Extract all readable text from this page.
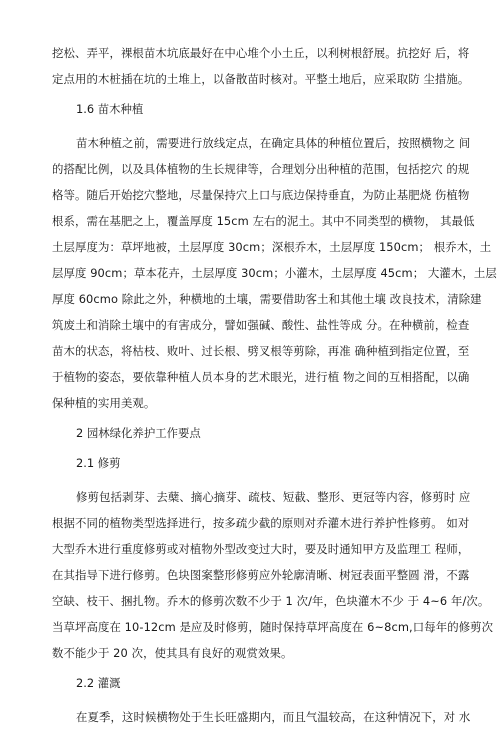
挖松、弄平，裸根苗木坑底最好在中心堆个小土丘，以利树根舒展。抗挖好 后，将
定点用的木桩插在坑的土堆上，以备散苗时核对。平整土地后，应采取防 尘措施。
1.6 苗木种植
苗木种植之前，需要进行放线定点，在确定具体的种植位置后，按照横物之 间
的搭配比例，以及具体植物的生长规律等，合理划分出种植的范围，包括挖穴 的规
格等。随后开始挖穴整地，尽量保持穴上口与底边保持垂直，为防止基肥烧 伤植物
根系，需在基肥之上，覆盖厚度 15cm 左右的泥土。其中不同类型的横物， 其最低
土层厚度为：草坪地被，土层厚度 30cm；深根乔木，土层厚度 150cm； 根乔木，土
层厚度 90cm；草本花卉，土层厚度 30cm；小灌木，土层厚度 45cm； 大灌木，土层
厚度 60cmo 除此之外，种横地的土壤，需要借助客土和其他土壤 改良技术，清除建
筑废土和消除土壤中的有害成分，譬如强碱、酸性、盐性等成 分。在种横前，检查
苗木的状态，将枯枝、败叶、过长根、劈叉根等剪除，再准 确种植到指定位置，至
于植物的姿态，要依靠种植人员本身的艺术眼光，进行植 物之间的互相搭配，以确
保种植的实用美观。
2 园林绿化养护工作要点
2.1 修剪
修剪包括剥芽、去蘖、摘心摘芽、疏枝、短截、整形、更冠等内容，修剪时 应
根据不同的植物类型选择进行，按多疏少截的原则对乔灌木进行养护性修剪。 如对
大型乔木进行重度修剪或对植物外型改变过大时，要及时通知甲方及监理工 程师，
在其指导下进行修剪。色块图案整形修剪应外轮廓清晰、树冠表面平整圆 滑，不露
空缺、枝干、捆扎物。乔木的修剪次数不少于 1 次/年，色块灌木不少 于 4~6 年/次。
当草坪高度在 10-12cm 是应及时修剪，随时保持草坪高度在 6~8cm,口每年的修剪次
数不能少于 20 次，使其具有良好的观赏效果。
2.2 灌溉
在夏季，这时候横物处于生长旺盛期内，而且气温较高，在这种情况下，对 水
